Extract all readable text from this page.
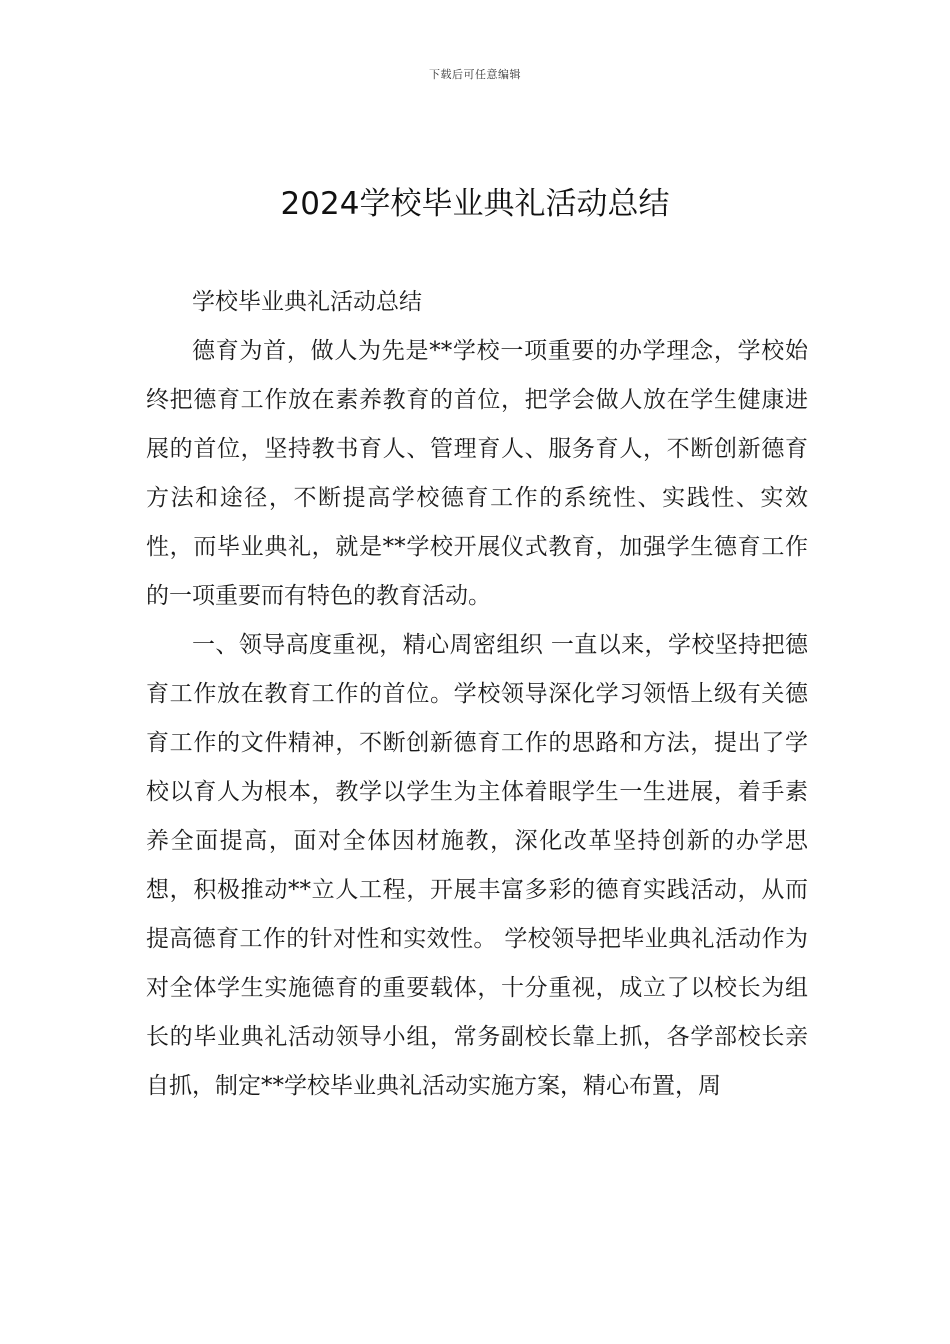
下载后可任意编辑
2024学校毕业典礼活动总结

学校毕业典礼活动总结

德育为首，做人为先是**学校一项重要的办学理念，学校始终把德育工作放在素养教育的首位，把学会做人放在学生健康进展的首位，坚持教书育人、管理育人、服务育人，不断创新德育方法和途径，不断提高学校德育工作的系统性、实践性、实效性，而毕业典礼，就是**学校开展仪式教育，加强学生德育工作的一项重要而有特色的教育活动。

一、领导高度重视，精心周密组织 一直以来，学校坚持把德育工作放在教育工作的首位。学校领导深化学习领悟上级有关德育工作的文件精神，不断创新德育工作的思路和方法，提出了学校以育人为根本，教学以学生为主体着眼学生一生进展，着手素养全面提高，面对全体因材施教，深化改革坚持创新的办学思想，积极推动**立人工程，开展丰富多彩的德育实践活动，从而提高德育工作的针对性和实效性。 学校领导把毕业典礼活动作为对全体学生实施德育的重要载体，十分重视，成立了以校长为组长的毕业典礼活动领导小组，常务副校长靠上抓，各学部校长亲自抓，制定**学校毕业典礼活动实施方案，精心布置，周
